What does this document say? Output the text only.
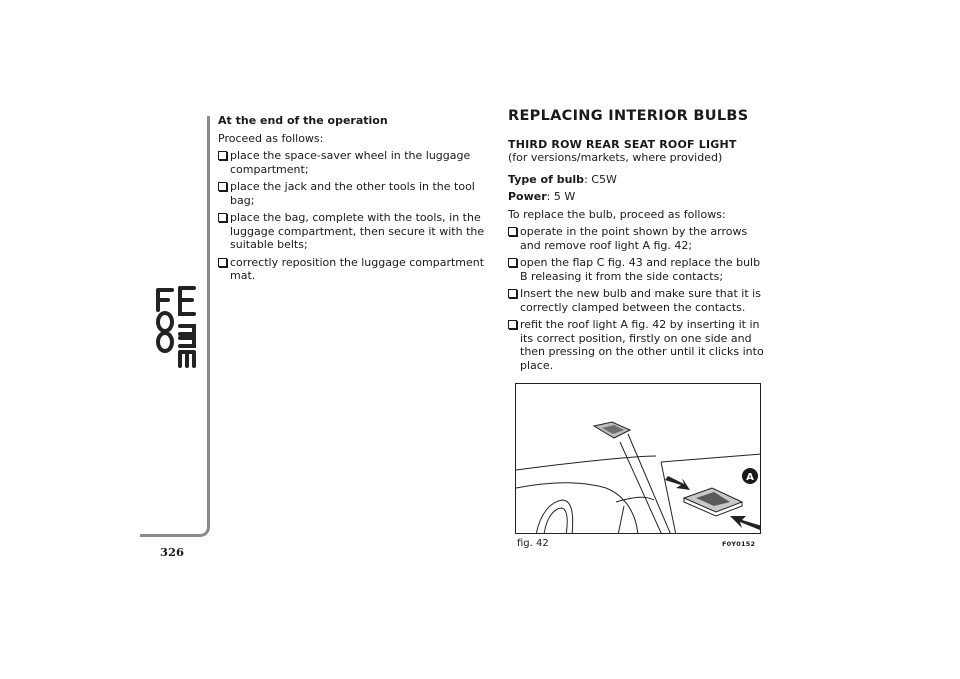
326

At the end of the operation

Proceed as follows:

place the space-saver wheel in the luggage compartment;
place the jack and the other tools in the tool bag;
place the bag, complete with the tools, in the luggage compartment, then secure it with the suitable belts;
correctly reposition the luggage compartment mat.
REPLACING INTERIOR BULBS
THIRD ROW REAR SEAT ROOF LIGHT
(for versions/markets, where provided)

Type of bulb: C5W

Power: 5 W

To replace the bulb, proceed as follows:

operate in the point shown by the arrows and remove roof light A fig. 42;
open the flap C fig. 43 and replace the bulb B releasing it from the side contacts;
Insert the new bulb and make sure that it is correctly clamped between the contacts.
refit the roof light A fig. 42 by inserting it in its correct position, firstly on one side and then pressing on the other until it clicks into place.
A
fig. 42	F0Y0152
